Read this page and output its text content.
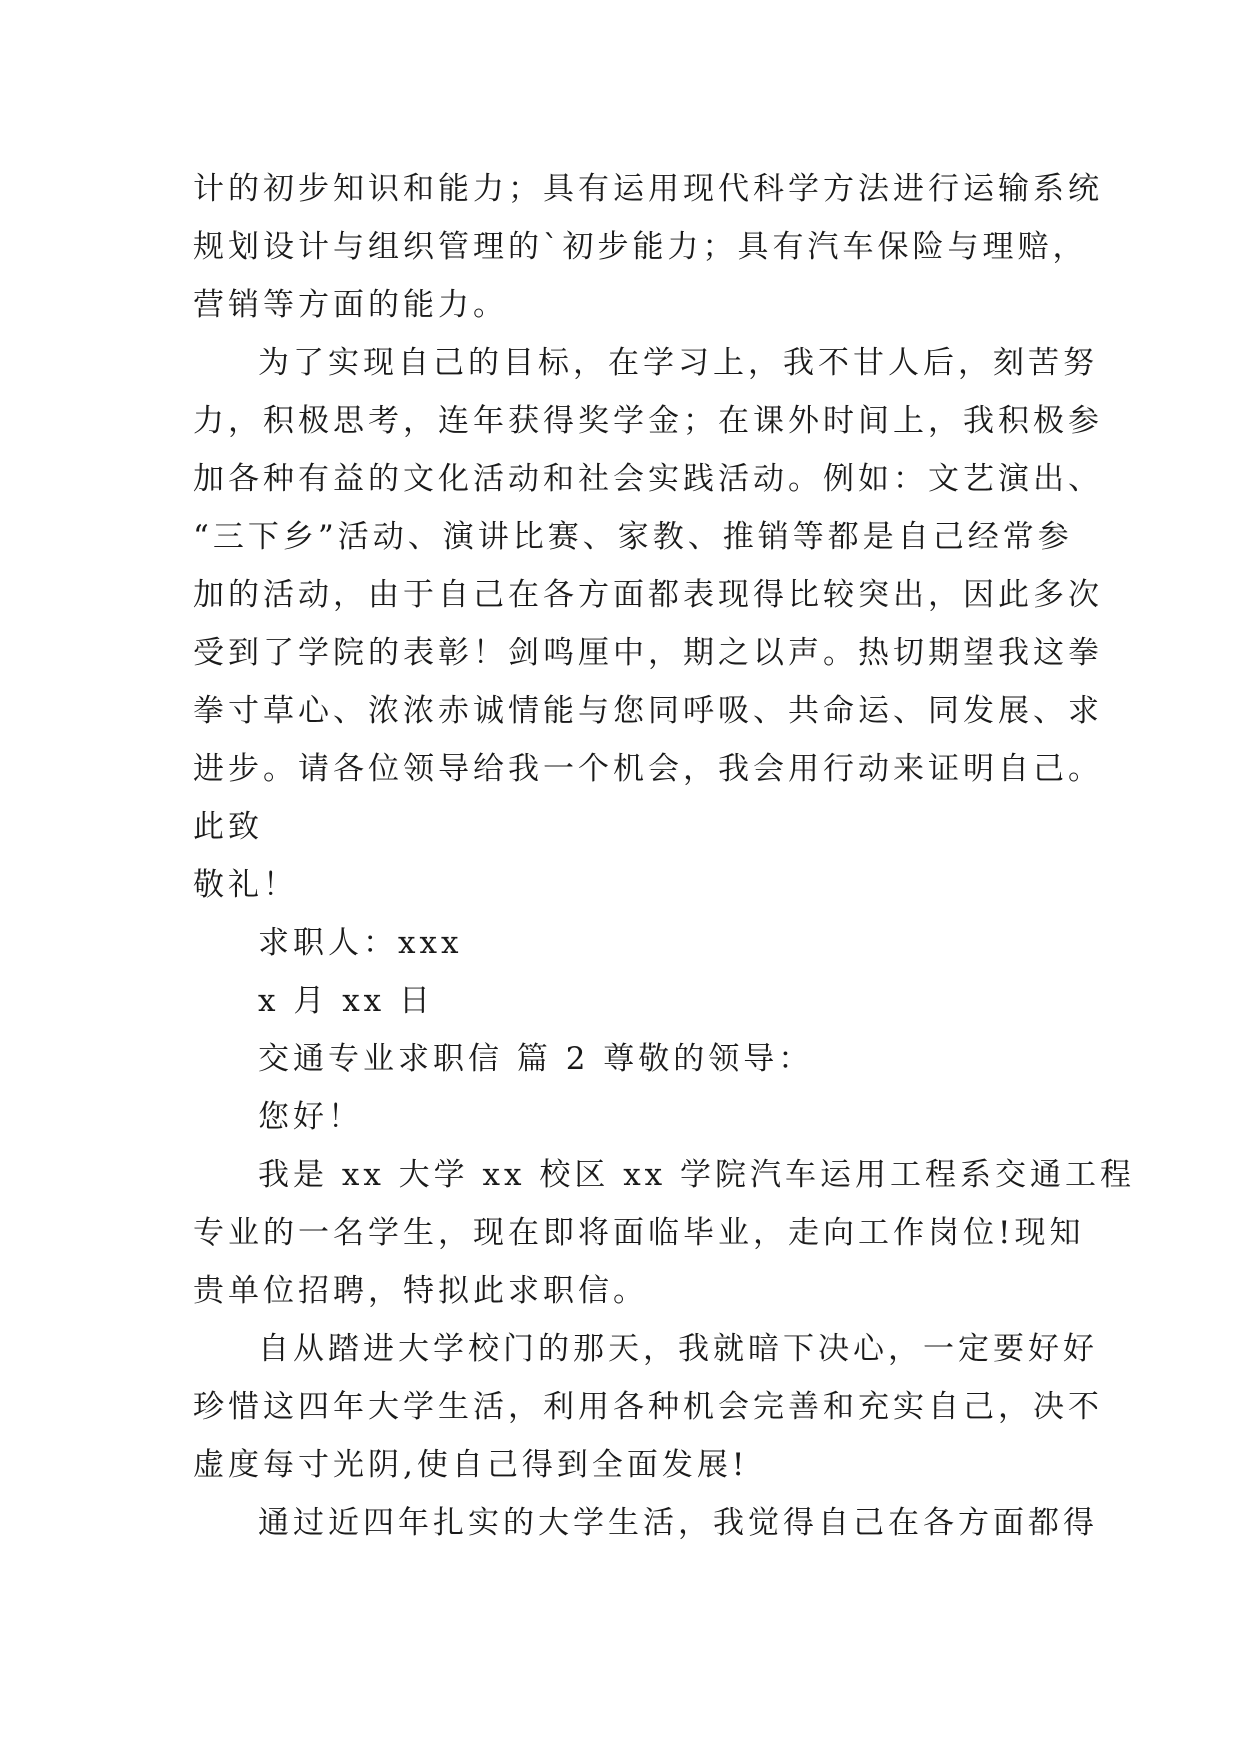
计的初步知识和能力；具有运用现代科学方法进行运输系统
规划设计与组织管理的`初步能力；具有汽车保险与理赔，
营销等方面的能力。
为了实现自己的目标，在学习上，我不甘人后，刻苦努
力，积极思考，连年获得奖学金；在课外时间上，我积极参
加各种有益的文化活动和社会实践活动。例如：文艺演出、
“三下乡”活动、演讲比赛、家教、推销等都是自己经常参
加的活动，由于自己在各方面都表现得比较突出，因此多次
受到了学院的表彰！剑鸣厘中，期之以声。热切期望我这拳
拳寸草心、浓浓赤诚情能与您同呼吸、共命运、同发展、求
进步。请各位领导给我一个机会，我会用行动来证明自己。
此致
敬礼！
求职人：xxx
x 月 xx 日
交通专业求职信 篇 2 尊敬的领导：
您好！
我是 xx 大学 xx 校区 xx 学院汽车运用工程系交通工程
专业的一名学生，现在即将面临毕业，走向工作岗位!现知
贵单位招聘，特拟此求职信。
自从踏进大学校门的那天，我就暗下决心，一定要好好
珍惜这四年大学生活，利用各种机会完善和充实自己，决不
虚度每寸光阴,使自己得到全面发展!
通过近四年扎实的大学生活，我觉得自己在各方面都得
